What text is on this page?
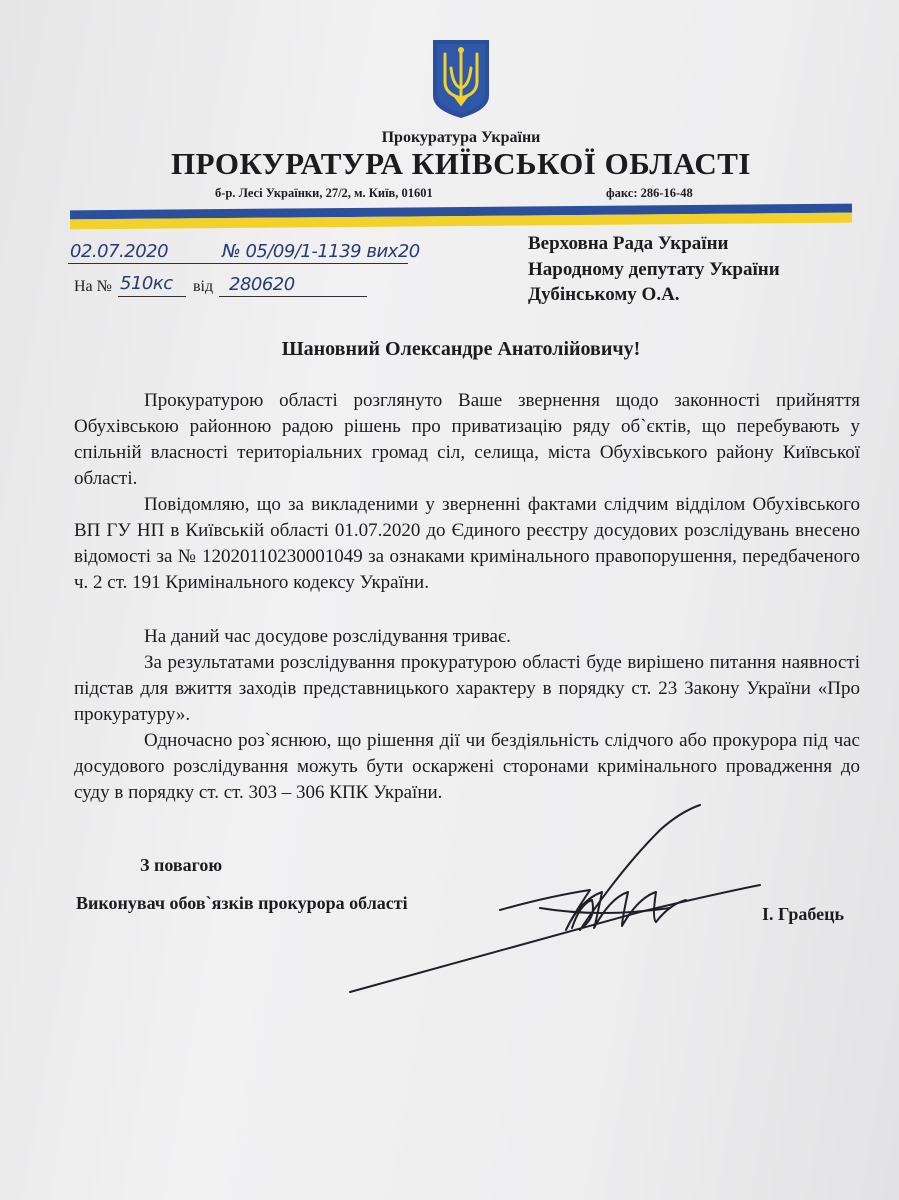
Прокуратура України
ПРОКУРАТУРА КИЇВСЬКОЇ ОБЛАСТІ
б-р. Лесі Українки, 27/2, м. Київ, 01601	факс: 286-16-48
02.07.2020	№ 05/09/1-1139 вих20
На № 510кс від 280620
Верховна Рада України
Народному депутату України
Дубінському О.А.
Шановний Олександре Анатолійовичу!
Прокуратурою області розглянуто Ваше звернення щодо законності прийняття Обухівською районною радою рішень про приватизацію ряду об`єктів, що перебувають у спільній власності територіальних громад сіл, селища, міста Обухівського району Київської області.
Повідомляю, що за викладеними у зверненні фактами слідчим відділом Обухівського ВП ГУ НП в Київській області 01.07.2020 до Єдиного реєстру досудових розслідувань внесено відомості за № 12020110230001049 за ознаками кримінального правопорушення, передбаченого ч. 2 ст. 191 Кримінального кодексу України.
На даний час досудове розслідування триває.
За результатами розслідування прокуратурою області буде вирішено питання наявності підстав для вжиття заходів представницького характеру в порядку ст. 23 Закону України «Про прокуратуру».
Одночасно роз`яснюю, що рішення дії чи бездіяльність слідчого або прокурора під час досудового розслідування можуть бути оскаржені сторонами кримінального провадження до суду в порядку ст. ст. 303 – 306 КПК України.
З повагою
Виконувач обов`язків прокурора області
І. Грабець
